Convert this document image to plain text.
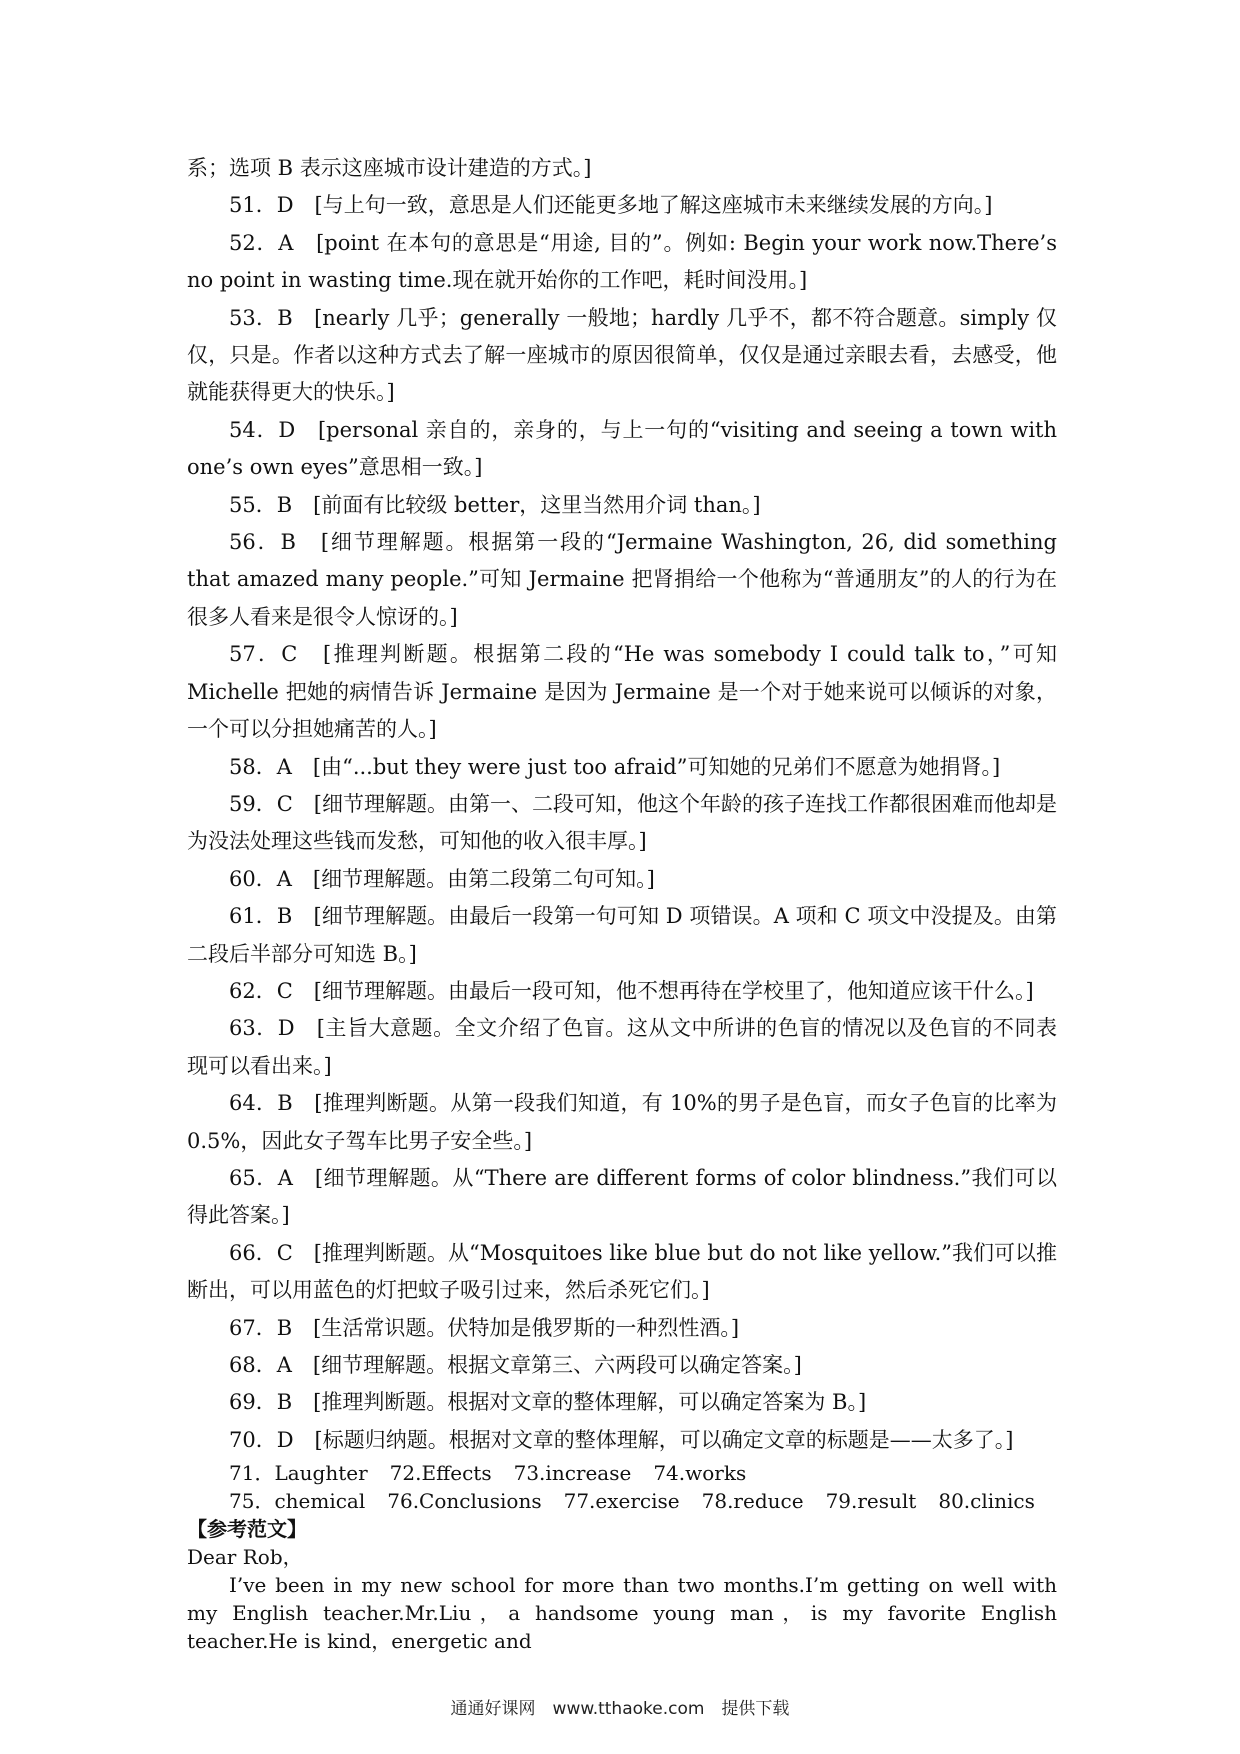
系；选项 B 表示这座城市设计建造的方式。]

51．D　[与上句一致，意思是人们还能更多地了解这座城市未来继续发展的方向。]

52．A　[point 在本句的意思是“用途, 目的”。例如: Begin your work now.There’s no point in wasting time.现在就开始你的工作吧，耗时间没用。]

53．B　[nearly 几乎；generally 一般地；hardly 几乎不，都不符合题意。simply 仅仅，只是。作者以这种方式去了解一座城市的原因很简单，仅仅是通过亲眼去看，去感受，他就能获得更大的快乐。]

54．D　[personal 亲自的，亲身的，与上一句的“visiting and seeing a town with one’s own eyes”意思相一致。]

55．B　[前面有比较级 better，这里当然用介词 than。]

56．B　[细节理解题。根据第一段的“Jermaine Washington, 26, did something that amazed many people.”可知 Jermaine 把肾捐给一个他称为“普通朋友”的人的行为在很多人看来是很令人惊讶的。]

57．C　[推理判断题。根据第二段的“He was somebody I could talk to，”可知 Michelle 把她的病情告诉 Jermaine 是因为 Jermaine 是一个对于她来说可以倾诉的对象，一个可以分担她痛苦的人。]

58．A　[由“...but they were just too afraid”可知她的兄弟们不愿意为她捐肾。]

59．C　[细节理解题。由第一、二段可知，他这个年龄的孩子连找工作都很困难而他却是为没法处理这些钱而发愁，可知他的收入很丰厚。]

60．A　[细节理解题。由第二段第二句可知。]

61．B　[细节理解题。由最后一段第一句可知 D 项错误。A 项和 C 项文中没提及。由第二段后半部分可知选 B。]

62．C　[细节理解题。由最后一段可知，他不想再待在学校里了，他知道应该干什么。]

63．D　[主旨大意题。全文介绍了色盲。这从文中所讲的色盲的情况以及色盲的不同表现可以看出来。]

64．B　[推理判断题。从第一段我们知道，有 10%的男子是色盲，而女子色盲的比率为 0.5%，因此女子驾车比男子安全些。]

65．A　[细节理解题。从“There are different forms of color blindness.”我们可以得此答案。]

66．C　[推理判断题。从“Mosquitoes like blue but do not like yellow.”我们可以推断出，可以用蓝色的灯把蚊子吸引过来，然后杀死它们。]

67．B　[生活常识题。伏特加是俄罗斯的一种烈性酒。]

68．A　[细节理解题。根据文章第三、六两段可以确定答案。]

69．B　[推理判断题。根据对文章的整体理解，可以确定答案为 B。]

70．D　[标题归纳题。根据对文章的整体理解，可以确定文章的标题是——太多了。]

71．Laughter 72.Effects 73.increase 74.works

75．chemical 76.Conclusions 77.exercise 78.reduce 79.result 80.clinics

【参考范文】

Dear Rob，

I’ve been in my new school for more than two months.I’m getting on well with my English teacher.Mr.Liu，a handsome young man，is my favorite English teacher.He is kind，energetic and

通通好课网　www.tthaoke.com　提供下载
